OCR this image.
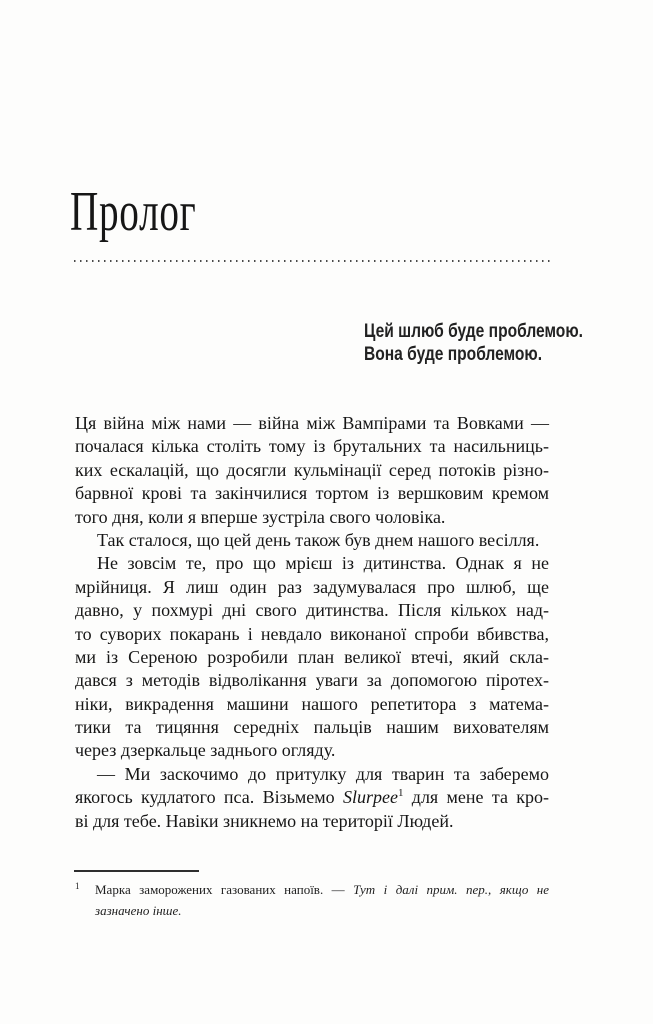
Пролог
Цей шлюб буде проблемою.
Вона буде проблемою.
Ця війна між нами — війна між Вампірами та Вовками —
почалася кілька століть тому із брутальних та насильниць-
ких ескалацій, що досягли кульмінації серед потоків різно-
барвної крові та закінчилися тортом із вершковим кремом
того дня, коли я вперше зустріла свого чоловіка.
Так сталося, що цей день також був днем нашого весілля.
Не зовсім те, про що мрієш із дитинства. Однак я не
мрійниця. Я лиш один раз задумувалася про шлюб, ще
давно, у похмурі дні свого дитинства. Після кількох над-
то суворих покарань і невдало виконаної спроби вбивства,
ми із Сереною розробили план великої втечі, який скла-
дався з методів відволікання уваги за допомогою піротех-
ніки, викрадення машини нашого репетитора з матема-
тики та тицяння середніх пальців нашим вихователям
через дзеркальце заднього огляду.
— Ми заскочимо до притулку для тварин та заберемо
якогось кудлатого пса. Візьмемо Slurpee$^1$ для мене та кро-
ві для тебе. Навіки зникнемо на території Людей.
$^1$ Марка заморожених газованих напоїв. — Тут і далі прим. пер., якщо не
зазначено інше.
